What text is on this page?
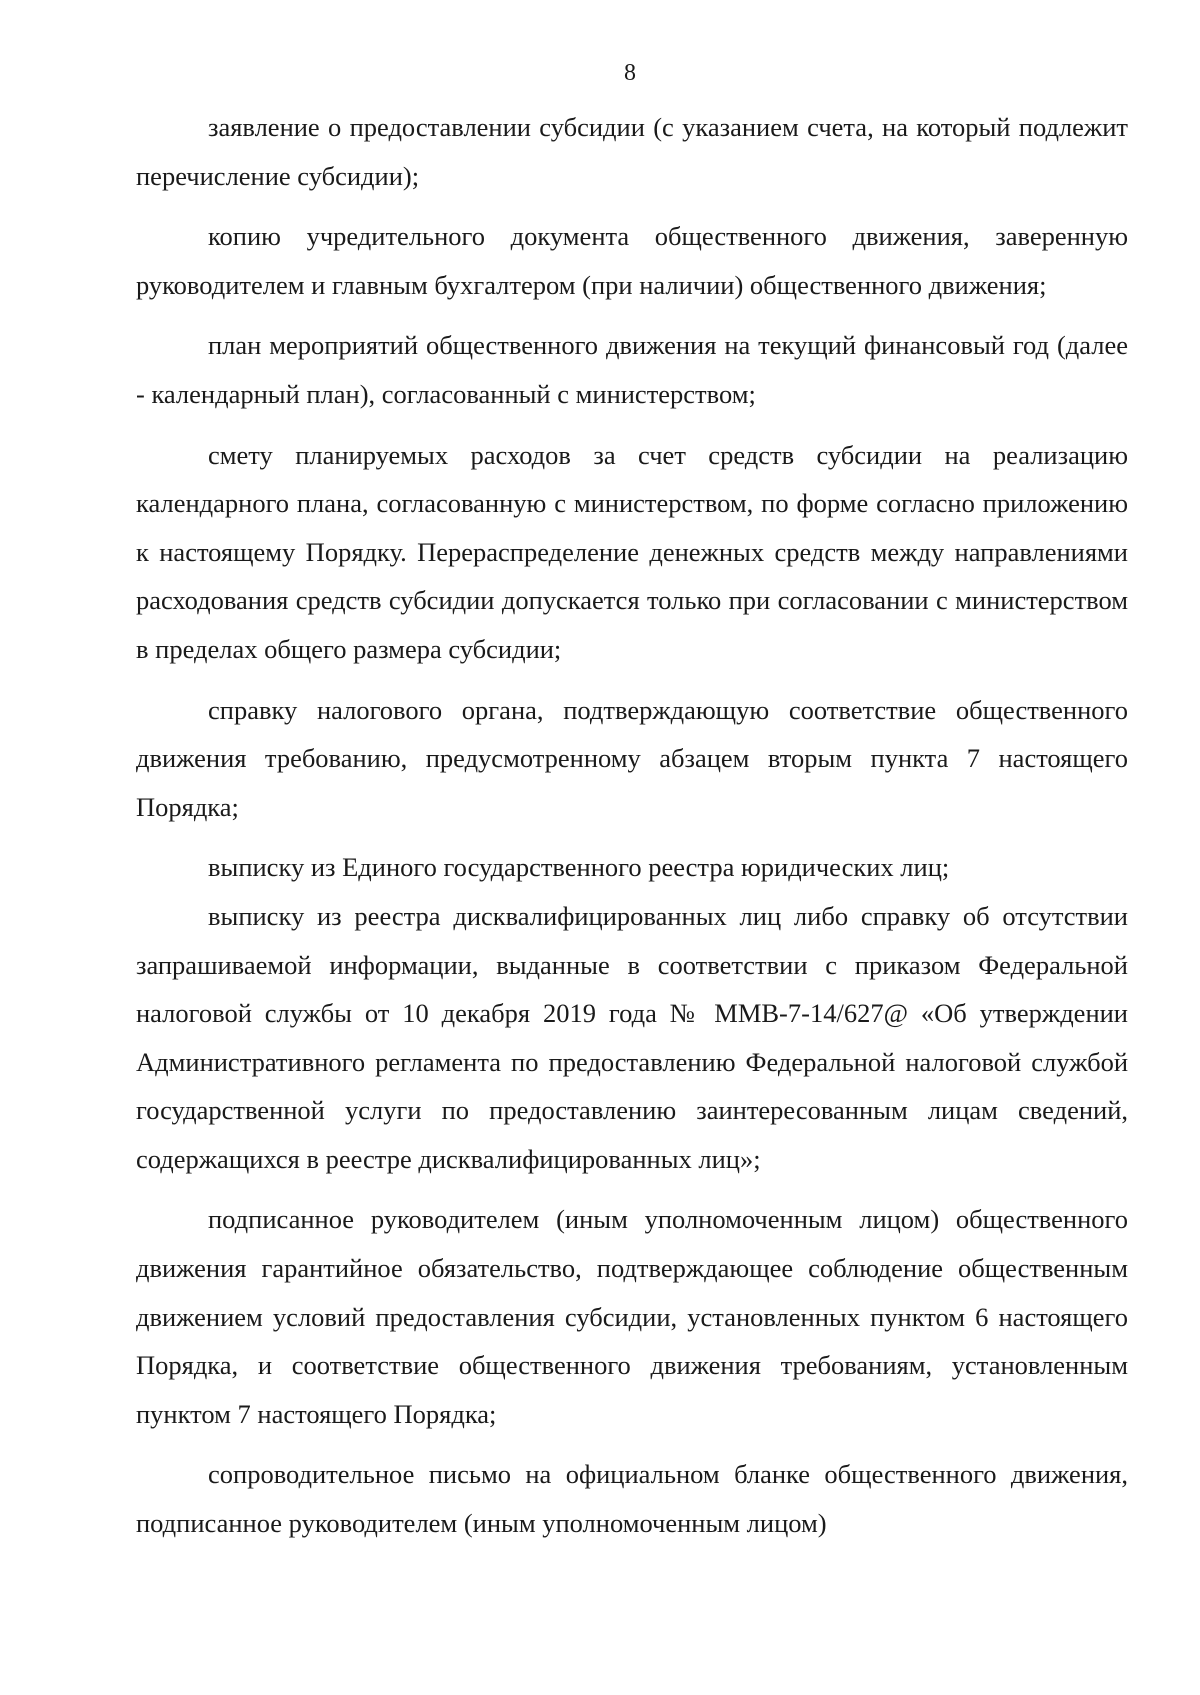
8

заявление о предоставлении субсидии (с указанием счета, на который подлежит перечисление субсидии);

копию учредительного документа общественного движения, заверенную руководителем и главным бухгалтером (при наличии) общественного движения;

план мероприятий общественного движения на текущий финансовый год (далее - календарный план), согласованный с министерством;

смету планируемых расходов за счет средств субсидии на реализацию календарного плана, согласованную с министерством, по форме согласно приложению к настоящему Порядку. Перераспределение денежных средств между направлениями расходования средств субсидии допускается только при согласовании с министерством в пределах общего размера субсидии;

справку налогового органа, подтверждающую соответствие общественного движения требованию, предусмотренному абзацем вторым пункта 7 настоящего Порядка;

выписку из Единого государственного реестра юридических лиц;

выписку из реестра дисквалифицированных лиц либо справку об отсутствии запрашиваемой информации, выданные в соответствии с приказом Федеральной налоговой службы от 10 декабря 2019 года № ММВ-7-14/627@ «Об утверждении Административного регламента по предоставлению Федеральной налоговой службой государственной услуги по предоставлению заинтересованным лицам сведений, содержащихся в реестре дисквалифицированных лиц»;

подписанное руководителем (иным уполномоченным лицом) общественного движения гарантийное обязательство, подтверждающее соблюдение общественным движением условий предоставления субсидии, установленных пунктом 6 настоящего Порядка, и соответствие общественного движения требованиям, установленным пунктом 7 настоящего Порядка;

сопроводительное письмо на официальном бланке общественного движения, подписанное руководителем (иным уполномоченным лицом)
